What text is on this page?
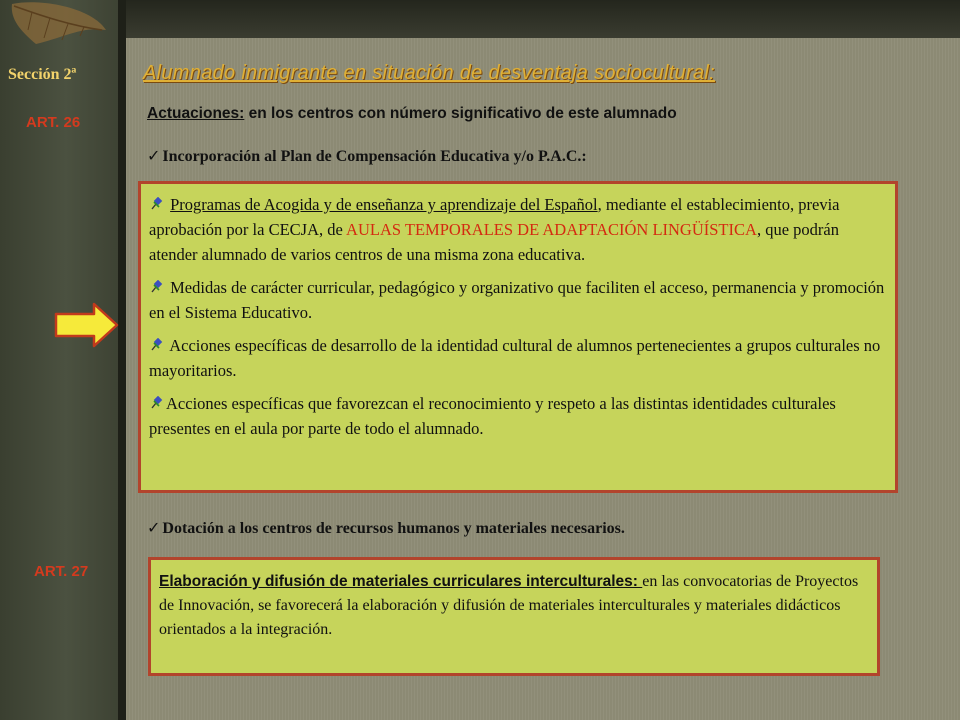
Sección 2ª
ART. 26
ART. 27
Alumnado inmigrante en situación de desventaja sociocultural:
Actuaciones: en los centros con número significativo de este alumnado
✓ Incorporación al Plan de Compensación Educativa y/o P.A.C.:

Programas de Acogida y de enseñanza y aprendizaje del Español, mediante el establecimiento, previa aprobación por la CECJA, de AULAS TEMPORALES DE ADAPTACIÓN LINGÜÍSTICA, que podrán atender alumnado de varios centros de una misma zona educativa.

Medidas de carácter curricular, pedagógico y organizativo que faciliten el acceso, permanencia y promoción en el Sistema Educativo.

Acciones específicas de desarrollo de la identidad cultural de alumnos pertenecientes a grupos culturales no mayoritarios.

Acciones específicas que favorezcan el reconocimiento y respeto a las distintas identidades culturales presentes en el aula por parte de todo el alumnado.

✓ Dotación a los centros de recursos humanos y materiales necesarios.
Elaboración y difusión de materiales curriculares interculturales: en las convocatorias de Proyectos de Innovación, se favorecerá la elaboración y difusión de materiales interculturales y materiales didácticos orientados a la integración.
